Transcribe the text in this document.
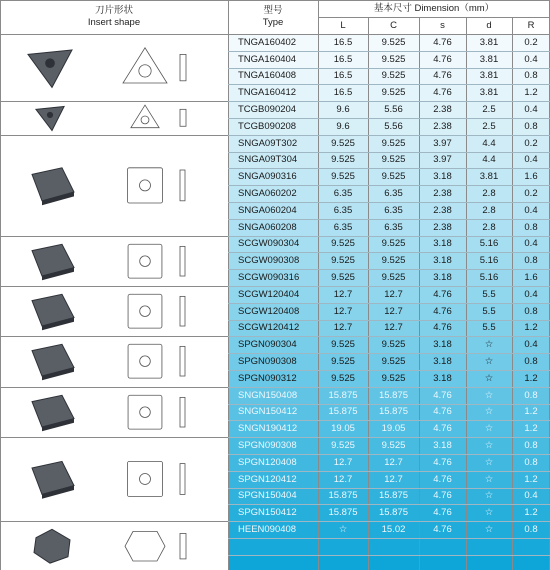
刀片形状
Insert shape
型号
Type
基本尺寸 Dimension（mm）
L	C	s	d	R
TNGA160402	16.5	9.525	4.76	3.81	0.2
TNGA160404	16.5	9.525	4.76	3.81	0.4
TNGA160408	16.5	9.525	4.76	3.81	0.8
TNGA160412	16.5	9.525	4.76	3.81	1.2
TCGB090204	9.6	5.56	2.38	2.5	0.4
TCGB090208	9.6	5.56	2.38	2.5	0.8
SNGA09T302	9.525	9.525	3.97	4.4	0.2
SNGA09T304	9.525	9.525	3.97	4.4	0.4
SNGA090316	9.525	9.525	3.18	3.81	1.6
SNGA060202	6.35	6.35	2.38	2.8	0.2
SNGA060204	6.35	6.35	2.38	2.8	0.4
SNGA060208	6.35	6.35	2.38	2.8	0.8
SCGW090304	9.525	9.525	3.18	5.16	0.4
SCGW090308	9.525	9.525	3.18	5.16	0.8
SCGW090316	9.525	9.525	3.18	5.16	1.6
SCGW120404	12.7	12.7	4.76	5.5	0.4
SCGW120408	12.7	12.7	4.76	5.5	0.8
SCGW120412	12.7	12.7	4.76	5.5	1.2
SPGN090304	9.525	9.525	3.18	☆	0.4
SPGN090308	9.525	9.525	3.18	☆	0.8
SPGN090312	9.525	9.525	3.18	☆	1.2
SNGN150408	15.875	15.875	4.76	☆	0.8
SNGN150412	15.875	15.875	4.76	☆	1.2
SNGN190412	19.05	19.05	4.76	☆	1.2
SPGN090308	9.525	9.525	3.18	☆	0.8
SPGN120408	12.7	12.7	4.76	☆	0.8
SPGN120412	12.7	12.7	4.76	☆	1.2
SPGN150404	15.875	15.875	4.76	☆	0.4
SPGN150412	15.875	15.875	4.76	☆	1.2
HEEN090408	☆	15.02	4.76	☆	0.8
